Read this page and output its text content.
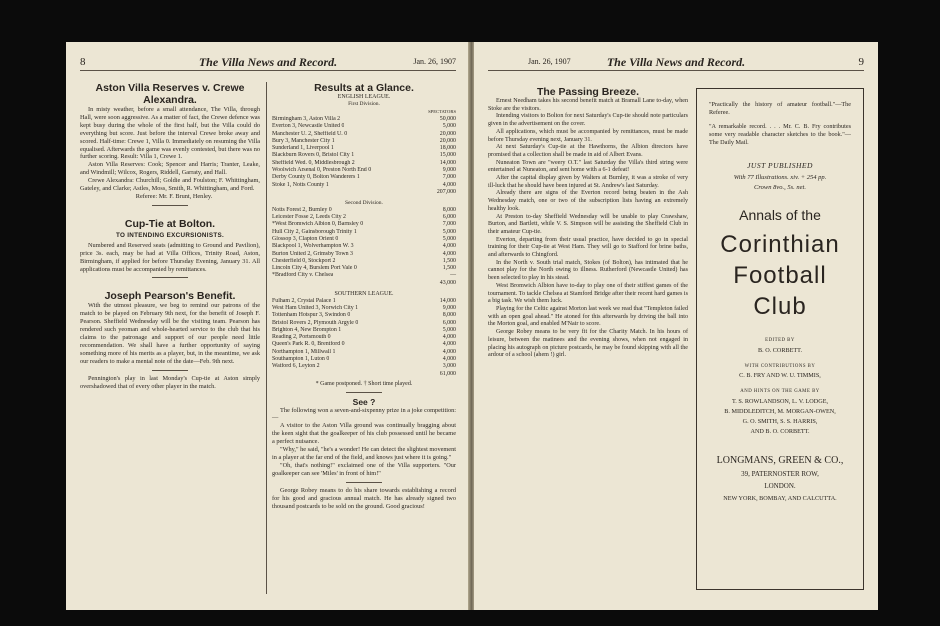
8	The Villa News and Record.	Jan. 26, 1907
Aston Villa Reserves v. Crewe Alexandra.

In misty weather, before a small attendance, The Villa, through Hall, were soon aggressive. As a matter of fact, the Crewe defence was kept busy during the whole of the first half, but the Villa could do everything but score. Just before the interval Crewe broke away and scored. Half-time: Crewe 1, Villa 0. Immediately on resuming the Villa equalised. Afterwards the game was evenly contested, but there was no further scoring. Result: Villa 1, Crewe 1.

Aston Villa Reserves: Cook; Spencer and Harris; Tranter, Leake, and Windmill; Wilcox, Rogers, Riddell, Garraty, and Hall.

Crewe Alexandra: Churchill; Goldie and Foulston; F. Whittingham, Gateley, and Clarke; Astles, Moss, Smith, R. Whittingham, and Ford.

Referee: Mr. F. Brunt, Henley.

Cup-Tie at Bolton.
TO INTENDING EXCURSIONISTS.

Numbered and Reserved seats (admitting to Ground and Pavilion), price 3s. each, may be had at Villa Offices, Trinity Road, Aston, Birmingham, if applied for before Thursday Evening, January 31. All applications must be accompanied by remittances.

Joseph Pearson's Benefit.

With the utmost pleasure, we beg to remind our patrons of the match to be played on February 9th next, for the benefit of Joseph F. Pearson. Sheffield Wednesday will be the visiting team. Pearson has rendered such yeoman and whole-hearted service to the club that his claims to the patronage and support of our people need little recommendation. We shall have a further opportunity of saying something more of his merits as a player, but, in the meantime, we ask our readers to make a mental note of the date—Feb. 9th next.

Pennington's play in last Monday's Cup-tie at Aston simply overshadowed that of every other player in the match.

Results at a Glance.
ENGLISH LEAGUE.
First Division.
SPECTATORS
Birmingham 3, Aston Villa 2	50,000
Everton 3, Newcastle United 0	5,000
Manchester U. 2, Sheffield U. 0	20,000
Bury 3, Manchester City 1	20,000
Sunderland 1, Liverpool 1	18,000
Blackburn Rovers 0, Bristol City 1	15,000
Sheffield Wed. 0, Middlesbrough 2	14,000
Woolwich Arsenal 0, Preston North End 0	9,000
Derby County 0, Bolton Wanderers 1	7,000
Stoke 1, Notts County 1	4,000
207,000
Second Division.
Notts Forest 2, Burnley 0	8,000
Leicester Fosse 2, Leeds City 2	6,000
*West Bromwich Albion 0, Barnsley 0	7,000
Hull City 2, Gainsborough Trinity 1	5,000
Glossop 3, Clapton Orient 0	5,000
Blackpool 1, Wolverhampton W. 3	4,000
Burton United 2, Grimsby Town 3	4,000
Chesterfield 0, Stockport 2	1,500
Lincoln City 4, Burslem Port Vale 0	1,500
*Bradford City v. Chelsea	—
43,000
SOUTHERN LEAGUE.
Fulham 2, Crystal Palace 1	14,000
West Ham United 3, Norwich City 1	9,000
Tottenham Hotspur 3, Swindon 0	8,000
Bristol Rovers 2, Plymouth Argyle 0	6,000
Brighton 4, New Brompton 1	5,000
Reading 2, Portsmouth 0	4,000
Queen's Park R. 0, Brentford 0	4,000
Northampton 1, Millwall 1	4,000
Southampton 1, Luton 0	4,000
Watford 6, Leyton 2	3,000
61,000
* Game postponed. † Short time played.
See ?

The following won a seven-and-sixpenny prize in a joke competition:—

A visitor to the Aston Villa ground was continually bragging about the keen sight that the goalkeeper of his club possessed until he became a perfect nuisance.

"Why," he said, "he's a wonder! He can detect the slightest movement in a player at the far end of the field, and knows just where it is going."

"Oh, that's nothing!" exclaimed one of the Villa supporters. "Our goalkeeper can see 'Miles' in front of him!"

George Robey means to do his share towards establishing a record for his good and gracious annual match. He has already signed two thousand postcards to be sold on the ground. Good gracious!

Jan. 26, 1907	The Villa News and Record.	9
The Passing Breeze.

Ernest Needham takes his second benefit match at Bramall Lane to-day, when Stoke are the visitors.

Intending visitors to Bolton for next Saturday's Cup-tie should note particulars given in the advertisement on the cover.

All applications, which must be accompanied by remittances, must be made before Thursday evening next, January 31.

At next Saturday's Cup-tie at the Hawthorns, the Albion directors have promised that a collection shall be made in aid of Albert Evans.

Nuneaton Town are "weery O.T." last Saturday the Villa's third string were entertained at Nuneaton, and sent home with a 6-1 defeat!

After the capital display given by Walters at Burnley, it was a stroke of very ill-luck that he should have been injured at St. Andrew's last Saturday.

Already there are signs of the Everton record being beaten in the Ash Wednesday match, one or two of the subscription lists having an extremely healthy look.

At Preston to-day Sheffield Wednesday will be unable to play Crawshaw, Burton, and Bartlett, while V. S. Simpson will be assisting the Sheffield Club in their amateur Cup-tie.

Everton, departing from their usual practice, have decided to go in special training for their Cup-tie at West Ham. They will go to Stafford for brine baths, and afterwards to Chingford.

In the North v. South trial match, Stokes (of Bolton), has intimated that he cannot play for the North owing to illness. Rutherford (Newcastle United) has been selected to play in his stead.

West Bromwich Albion have to-day to play one of their stiffest games of the tournament. To tackle Chelsea at Stamford Bridge after their recent hard games is a big task. We wish them luck.

Playing for the Celtic against Morton last week we read that "Templeton failed with an open goal ahead." He atoned for this afterwards by driving the ball into the Morton goal, and enabled M'Nair to score.

George Robey means to be very fit for the Charity Match. In his hours of leisure, between the matinees and the evening shows, when not engaged in placing his autograph on picture postcards, he may be found skipping with all the ardour of a school (ahem !) girl.

"Practically the history of amateur football."—The Referee.
"A remarkable record. . . . Mr. C. B. Fry contributes some very readable character sketches to the book."—The Daily Mail.
JUST PUBLISHED
With 77 Illustrations. xiv. + 254 pp.
Crown 8vo., 5s. net.
Annals of the
Corinthian
Football
Club
EDITED BY
B. O. CORBETT.
WITH CONTRIBUTIONS BY
C. B. FRY AND W. U. TIMMIS,
AND HINTS ON THE GAME BY
T. S. ROWLANDSON, L. V. LODGE,
B. MIDDLEDITCH, M. MORGAN-OWEN,
G. O. SMITH, S. S. HARRIS,
AND B. O. CORBETT.
LONGMANS, GREEN & CO.,
39, PATERNOSTER ROW,
LONDON.
NEW YORK, BOMBAY, AND CALCUTTA.
